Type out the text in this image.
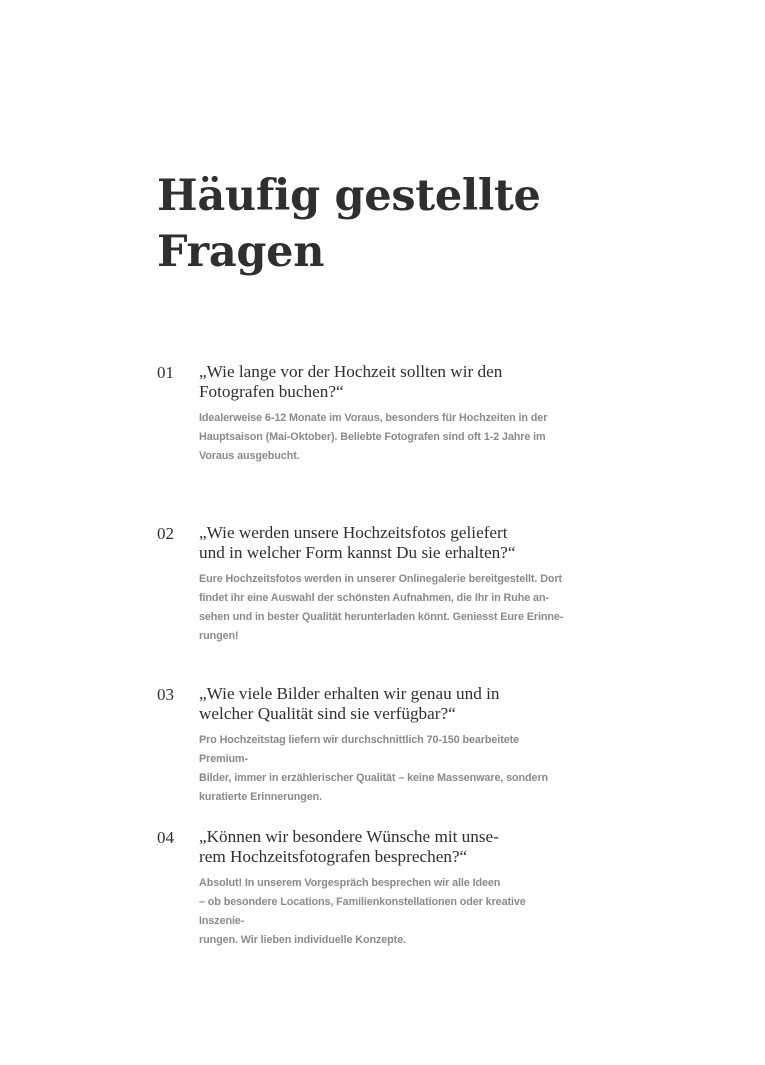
Häufig gestellte
Fragen
01 „Wie lange vor der Hochzeit sollten wir den
Fotografen buchen?“

Idealerweise 6-12 Monate im Voraus, besonders für Hochzeiten in der
Hauptsaison (Mai-Oktober). Beliebte Fotografen sind oft 1-2 Jahre im
Voraus ausgebucht.

02 „Wie werden unsere Hochzeitsfotos geliefert
und in welcher Form kannst Du sie erhalten?“

Eure Hochzeitsfotos werden in unserer Onlinegalerie bereitgestellt. Dort
findet ihr eine Auswahl der schönsten Aufnahmen, die Ihr in Ruhe an-
sehen und in bester Qualität herunterladen könnt. Geniesst Eure Erinne-
rungen!

03 „Wie viele Bilder erhalten wir genau und in
welcher Qualität sind sie verfügbar?“

Pro Hochzeitstag liefern wir durchschnittlich 70-150 bearbeitete Premium-
Bilder, immer in erzählerischer Qualität – keine Massenware, sondern
kuratierte Erinnerungen.

04 „Können wir besondere Wünsche mit unse-
rem Hochzeitsfotografen besprechen?“

Absolut! In unserem Vorgespräch besprechen wir alle Ideen
– ob besondere Locations, Familienkonstellationen oder kreative Inszenie-
rungen. Wir lieben individuelle Konzepte.
